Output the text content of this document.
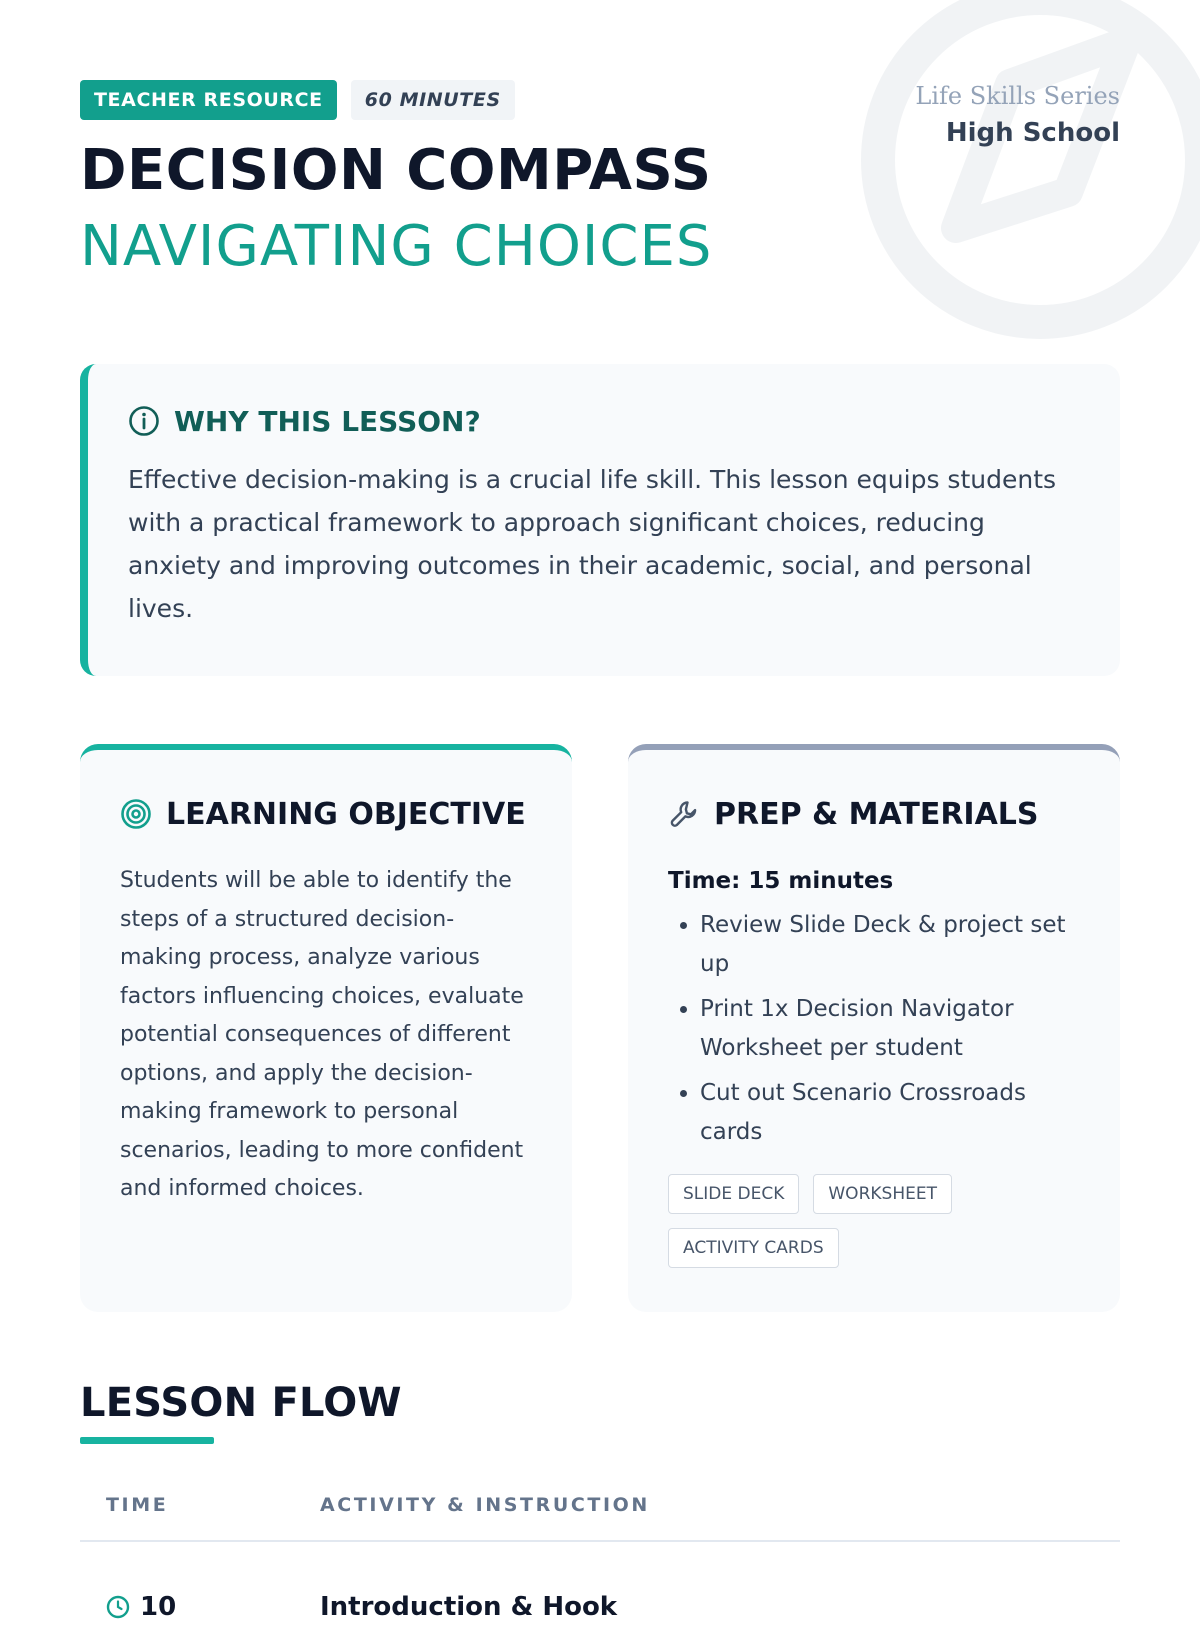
TEACHER RESOURCE	60 MINUTES	Life Skills Series
High School
DECISION COMPASS
NAVIGATING CHOICES
WHY THIS LESSON?
Effective decision-making is a crucial life skill. This lesson equips students with a practical framework to approach significant choices, reducing anxiety and improving outcomes in their academic, social, and personal lives.
LEARNING OBJECTIVE
Students will be able to identify the steps of a structured decision-making process, analyze various factors influencing choices, evaluate potential consequences of different options, and apply the decision-making framework to personal scenarios, leading to more confident and informed choices.
PREP & MATERIALS
Time: 15 minutes
• Review Slide Deck & project set up
• Print 1x Decision Navigator Worksheet per student
• Cut out Scenario Crossroads cards
SLIDE DECK	WORKSHEET
ACTIVITY CARDS
LESSON FLOW
TIME	ACTIVITY & INSTRUCTION
10	Introduction & Hook
